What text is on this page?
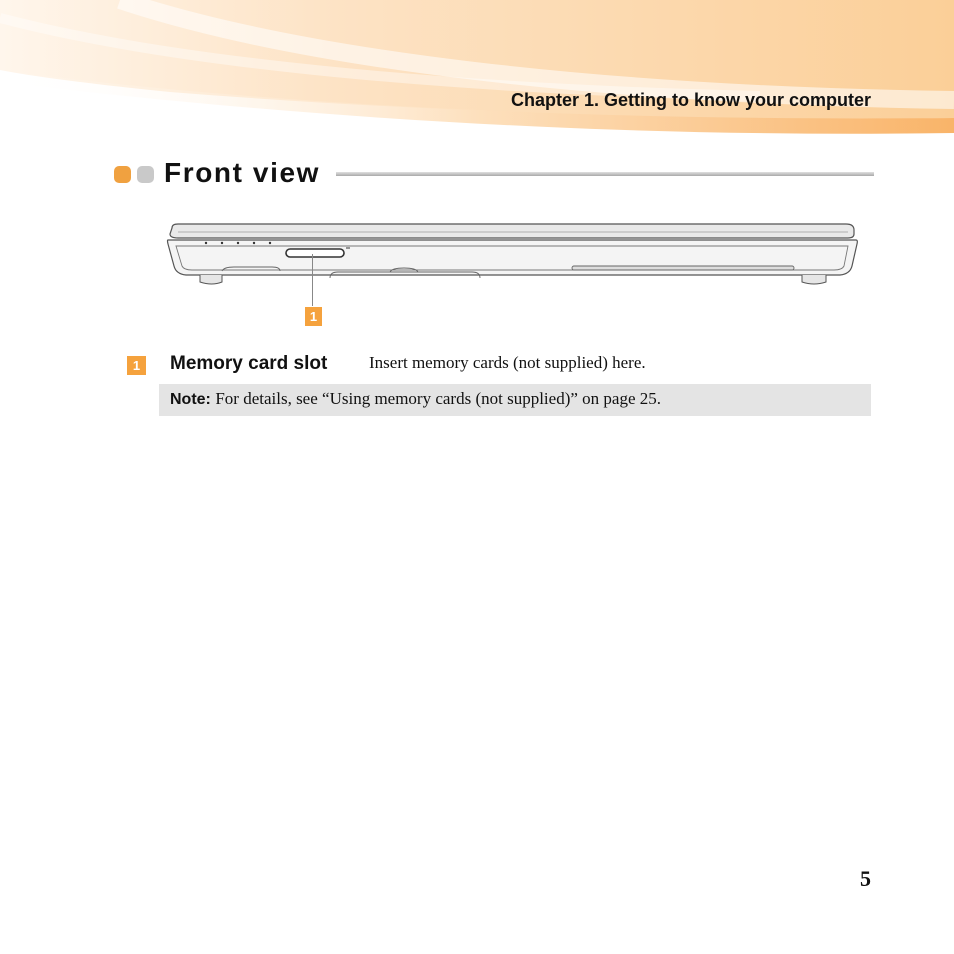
Chapter 1. Getting to know your computer
Front view
1
1	Memory card slot Insert memory cards (not supplied) here.
Note: For details, see “Using memory cards (not supplied)” on page 25.
5
